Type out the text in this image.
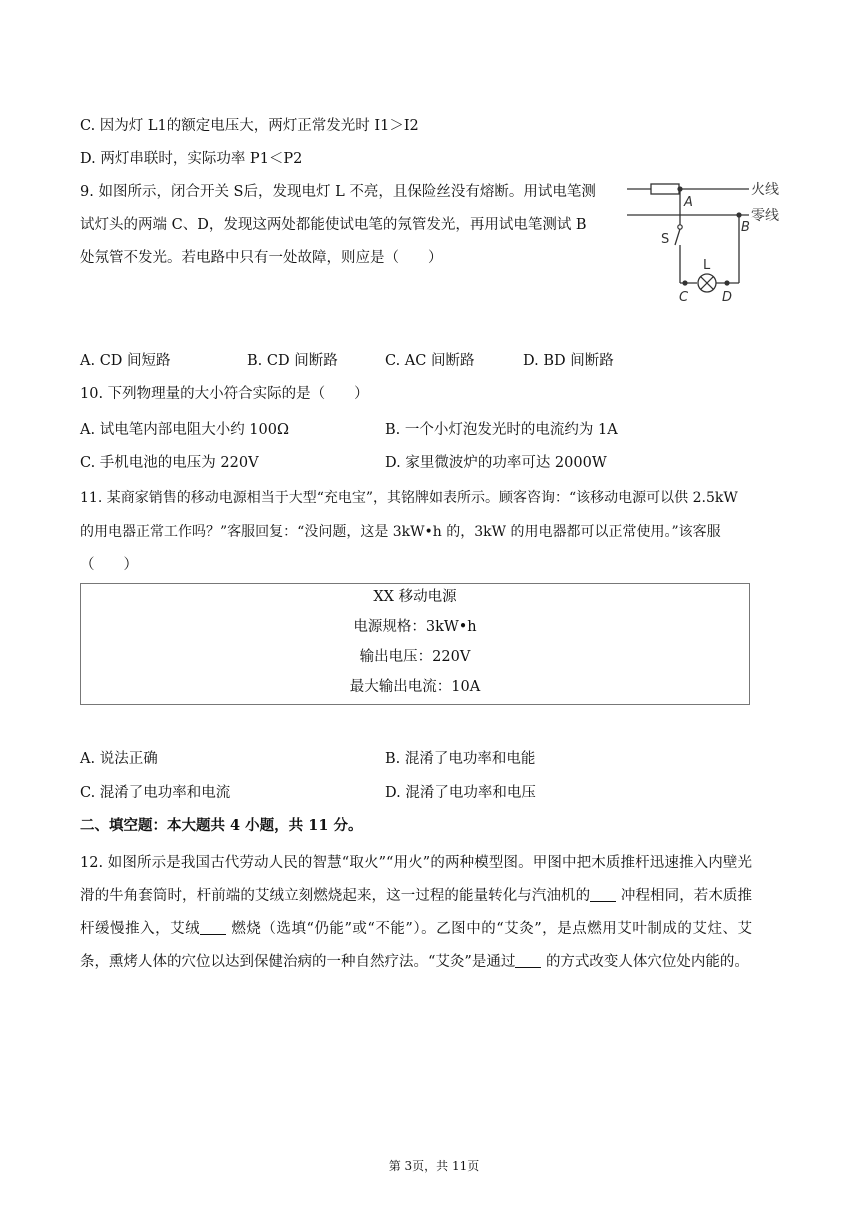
C. 因为灯 L1的额定电压大，两灯正常发光时 I1＞I2
D. 两灯串联时，实际功率 P1＜P2
9. 如图所示，闭合开关 S后，发现电灯 L 不亮，且保险丝没有熔断。用试电笔测
试灯头的两端 C、D，发现这两处都能使试电笔的氖管发光，再用试电笔测试 B
处氖管不发光。若电路中只有一处故障，则应是（　　）
火线
零线
A
S
C
L
D
B
A. CD 间短路	B. CD 间断路	C. AC 间断路	D. BD 间断路
10. 下列物理量的大小符合实际的是（　　）
A. 试电笔内部电阻大小约 100Ω	B. 一个小灯泡发光时的电流约为 1A
C. 手机电池的电压为 220V	D. 家里微波炉的功率可达 2000W
11. 某商家销售的移动电源相当于大型“充电宝”，其铭牌如表所示。顾客咨询：“该移动电源可以供 2.5kW
的用电器正常工作吗？”客服回复：“没问题，这是 3kW•h 的，3kW 的用电器都可以正常使用。”该客服
（　　）
XX 移动电源
电源规格：3kW•h
输出电压：220V
最大输出电流：10A
A. 说法正确	B. 混淆了电功率和电能
C. 混淆了电功率和电流	D. 混淆了电功率和电压
二、填空题：本大题共 4 小题，共 11 分。
12. 如图所示是我国古代劳动人民的智慧“取火”“用火”的两种模型图。甲图中把木质推杆迅速推入内壁光滑的牛角套筒时，杆前端的艾绒立刻燃烧起来，这一过程的能量转化与汽油机的 冲程相同，若木质推杆缓慢推入，艾绒 燃烧（选填“仍能”或“不能”）。乙图中的“艾灸”，是点燃用艾叶制成的艾炷、艾条，熏烤人体的穴位以达到保健治病的一种自然疗法。“艾灸”是通过 的方式改变人体穴位处内能的。
第 3页，共 11页
